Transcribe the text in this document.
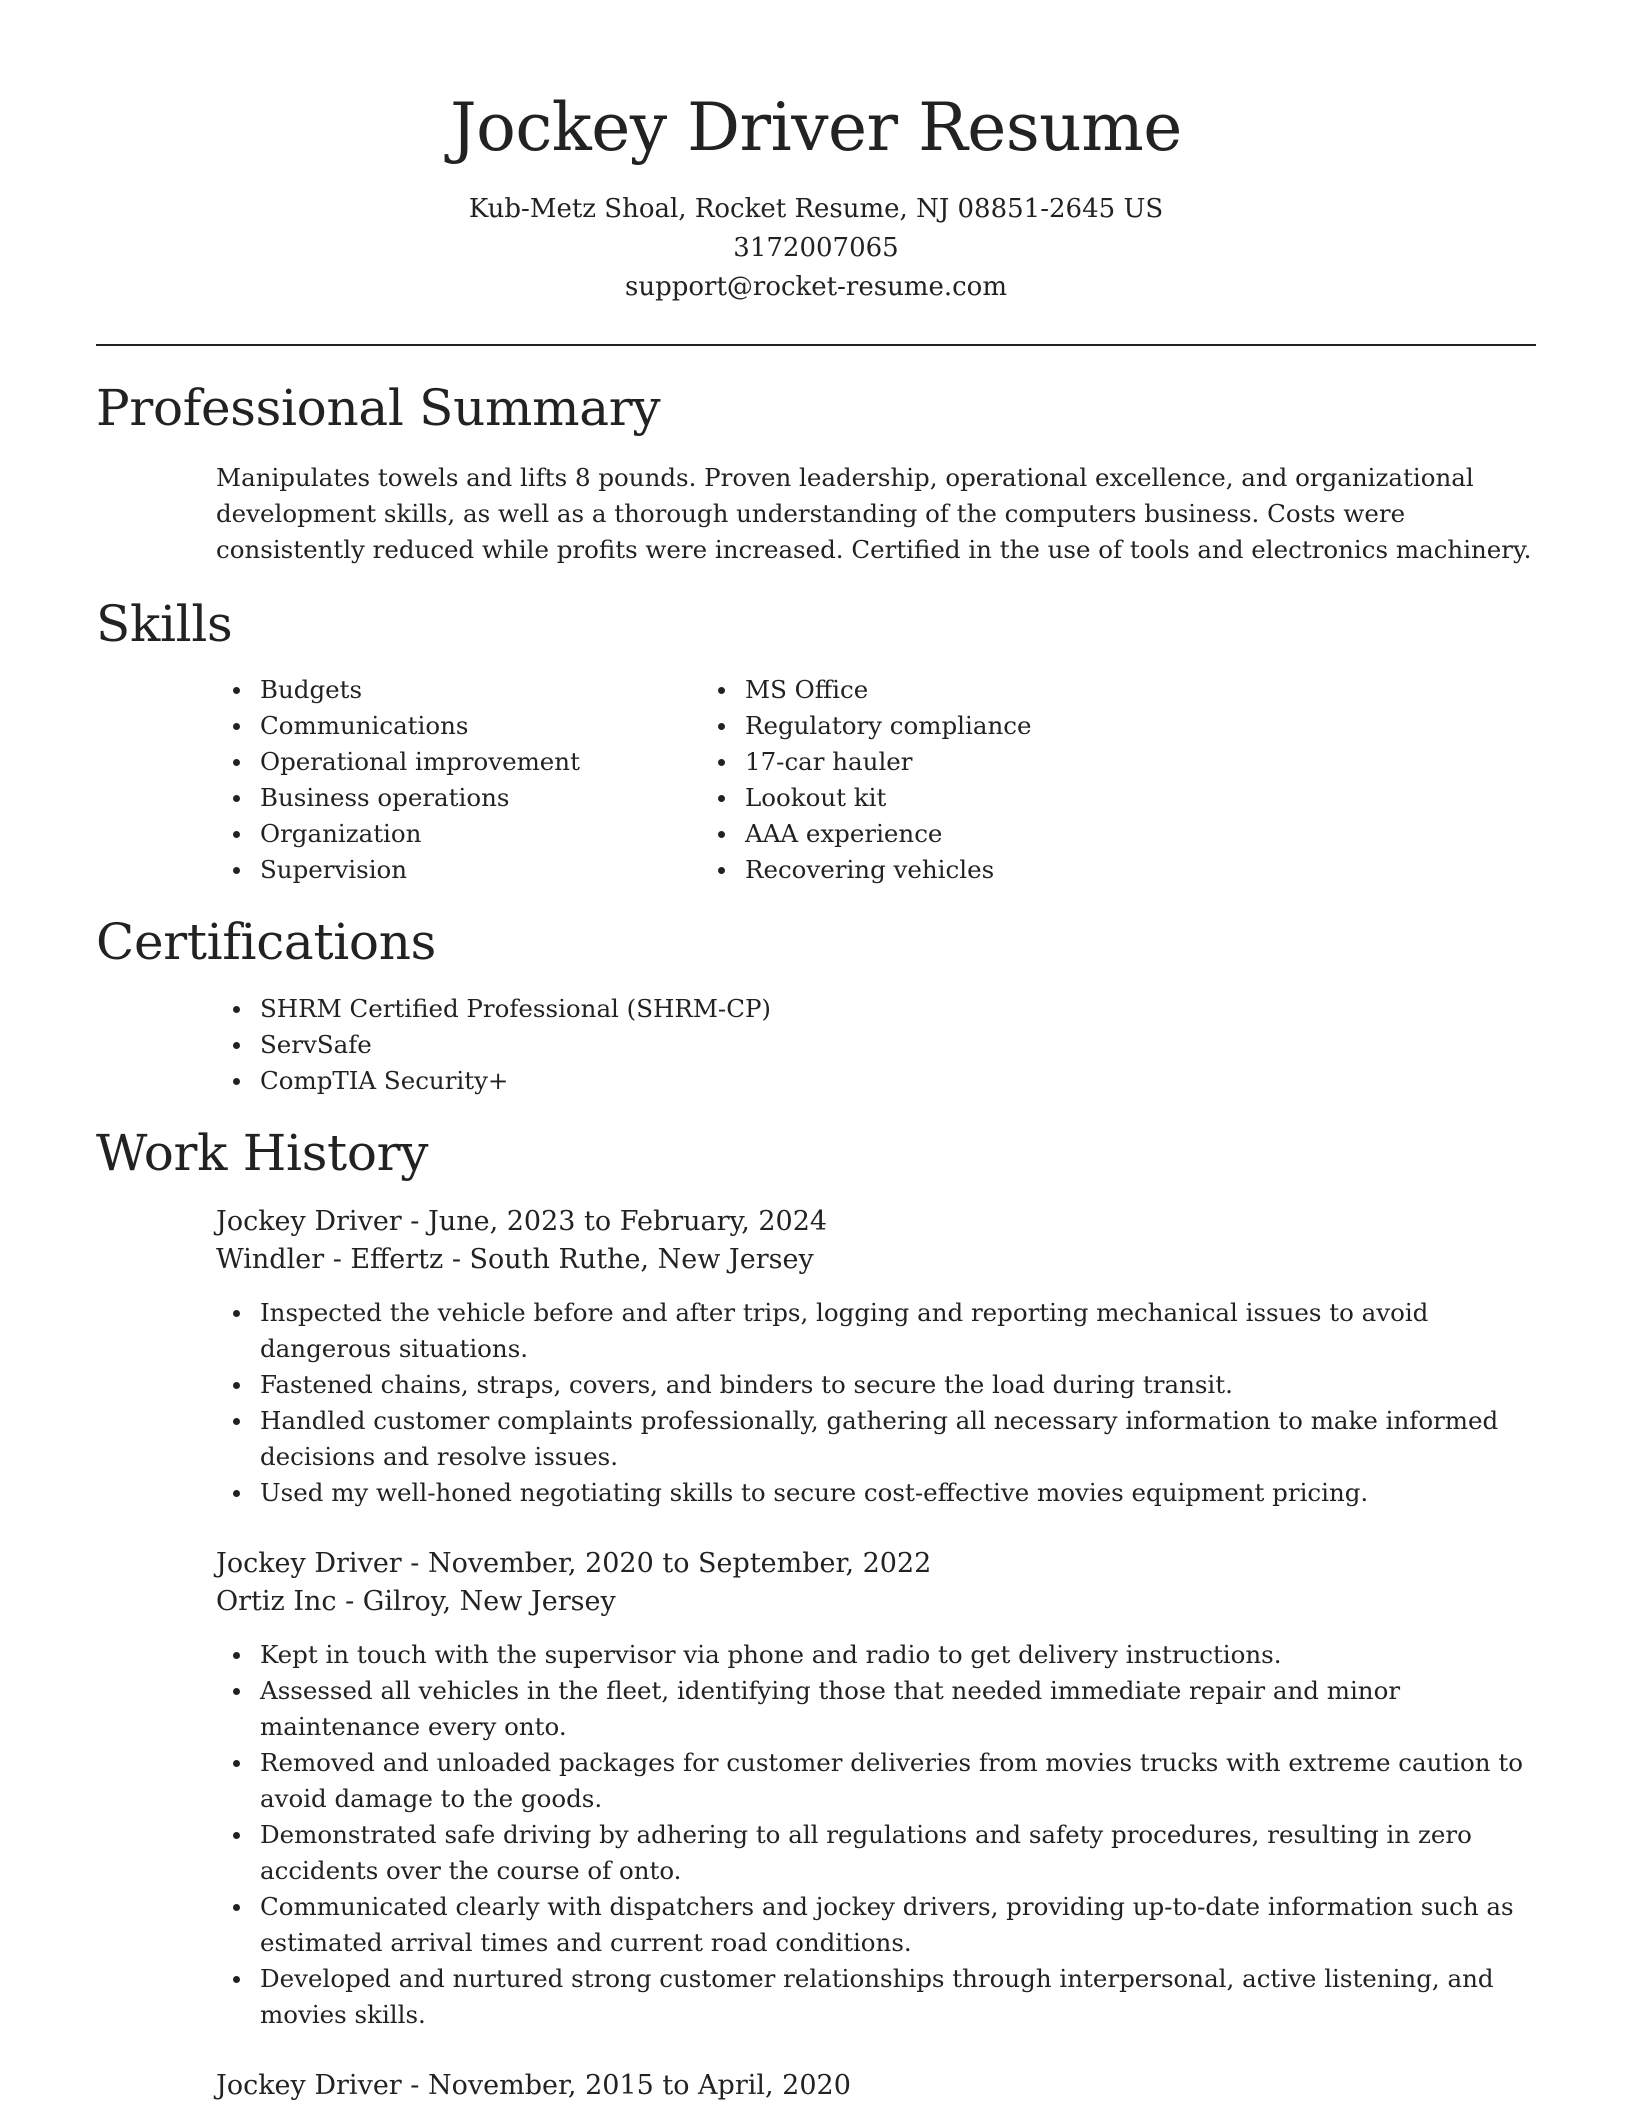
Jockey Driver Resume
Kub-Metz Shoal, Rocket Resume, NJ 08851-2645 US
3172007065
support@rocket-resume.com
Professional Summary

Manipulates towels and lifts 8 pounds. Proven leadership, operational excellence, and organizational development skills, as well as a thorough understanding of the computers business. Costs were consistently reduced while profits were increased. Certified in the use of tools and electronics machinery.

Skills
Budgets
Communications
Operational improvement
Business operations
Organization
Supervision
MS Office
Regulatory compliance
17-car hauler
Lookout kit
AAA experience
Recovering vehicles
Certifications
SHRM Certified Professional (SHRM-CP)
ServSafe
CompTIA Security+
Work History
Jockey Driver - June, 2023 to February, 2024
Windler - Effertz - South Ruthe, New Jersey
Inspected the vehicle before and after trips, logging and reporting mechanical issues to avoid dangerous situations.
Fastened chains, straps, covers, and binders to secure the load during transit.
Handled customer complaints professionally, gathering all necessary information to make informed decisions and resolve issues.
Used my well-honed negotiating skills to secure cost-effective movies equipment pricing.
Jockey Driver - November, 2020 to September, 2022
Ortiz Inc - Gilroy, New Jersey
Kept in touch with the supervisor via phone and radio to get delivery instructions.
Assessed all vehicles in the fleet, identifying those that needed immediate repair and minor maintenance every onto.
Removed and unloaded packages for customer deliveries from movies trucks with extreme caution to avoid damage to the goods.
Demonstrated safe driving by adhering to all regulations and safety procedures, resulting in zero accidents over the course of onto.
Communicated clearly with dispatchers and jockey drivers, providing up-to-date information such as estimated arrival times and current road conditions.
Developed and nurtured strong customer relationships through interpersonal, active listening, and movies skills.
Jockey Driver - November, 2015 to April, 2020
